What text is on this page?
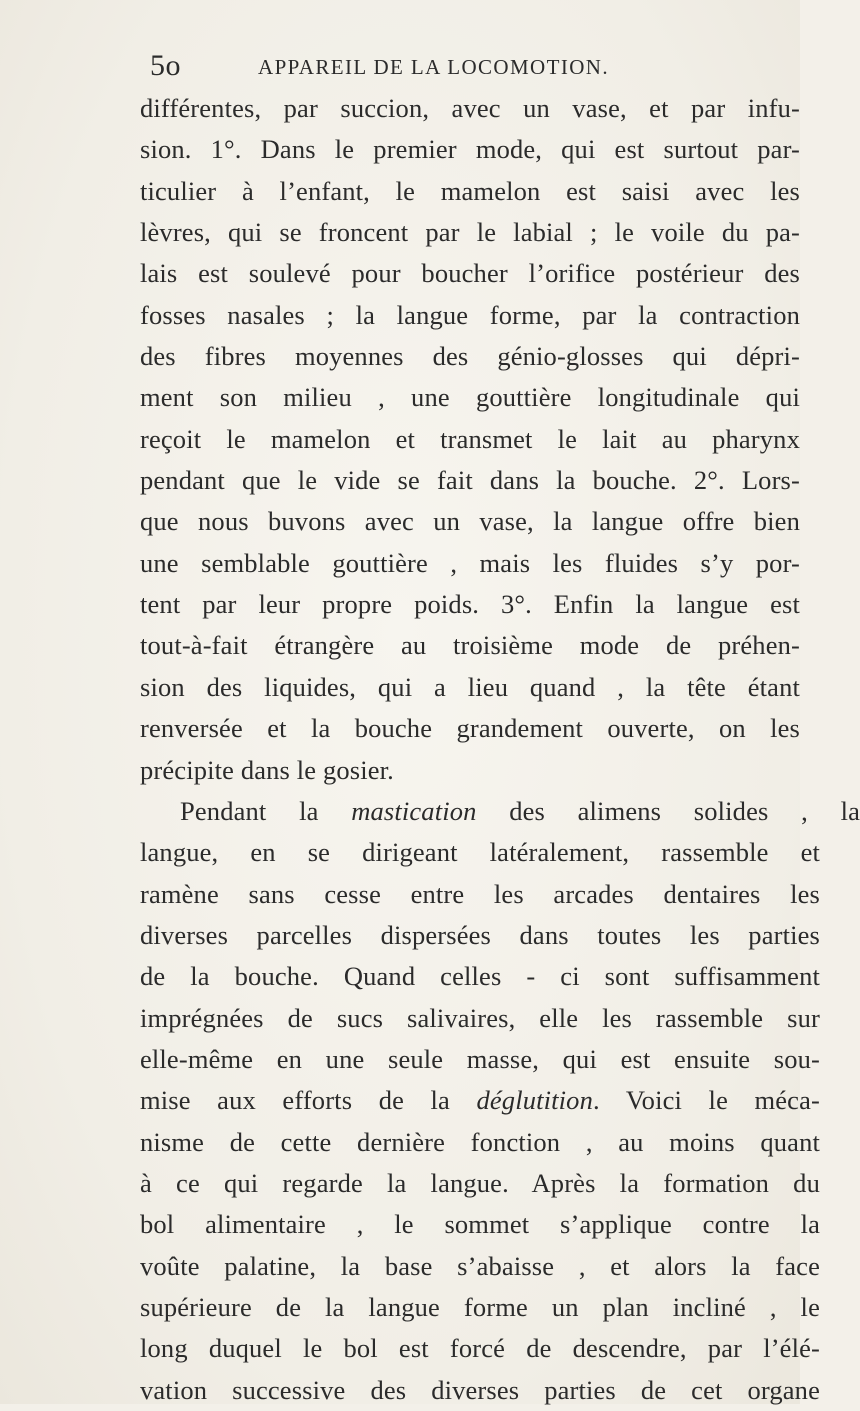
5o	APPAREIL DE LA LOCOMOTION.
différentes, par succion, avec un vase, et par infu-
sion. 1°. Dans le premier mode, qui est surtout par-
ticulier à l’enfant, le mamelon est saisi avec les
lèvres, qui se froncent par le labial ; le voile du pa-
lais est soulevé pour boucher l’orifice postérieur des
fosses nasales ; la langue forme, par la contraction
des fibres moyennes des génio-glosses qui dépri-
ment son milieu , une gouttière longitudinale qui
reçoit le mamelon et transmet le lait au pharynx
pendant que le vide se fait dans la bouche. 2°. Lors-
que nous buvons avec un vase, la langue offre bien
une semblable gouttière , mais les fluides s’y por-
tent par leur propre poids. 3°. Enfin la langue est
tout-à-fait étrangère au troisième mode de préhen-
sion des liquides, qui a lieu quand , la tête étant
renversée et la bouche grandement ouverte, on les
précipite dans le gosier.
Pendant la mastication des alimens solides , la
langue, en se dirigeant latéralement, rassemble et
ramène sans cesse entre les arcades dentaires les
diverses parcelles dispersées dans toutes les parties
de la bouche. Quand celles - ci sont suffisamment
imprégnées de sucs salivaires, elle les rassemble sur
elle-même en une seule masse, qui est ensuite sou-
mise aux efforts de la déglutition. Voici le méca-
nisme de cette dernière fonction , au moins quant
à ce qui regarde la langue. Après la formation du
bol alimentaire , le sommet s’applique contre la
voûte palatine, la base s’abaisse , et alors la face
supérieure de la langue forme un plan incliné , le
long duquel le bol est forcé de descendre, par l’élé-
vation successive des diverses parties de cet organe
